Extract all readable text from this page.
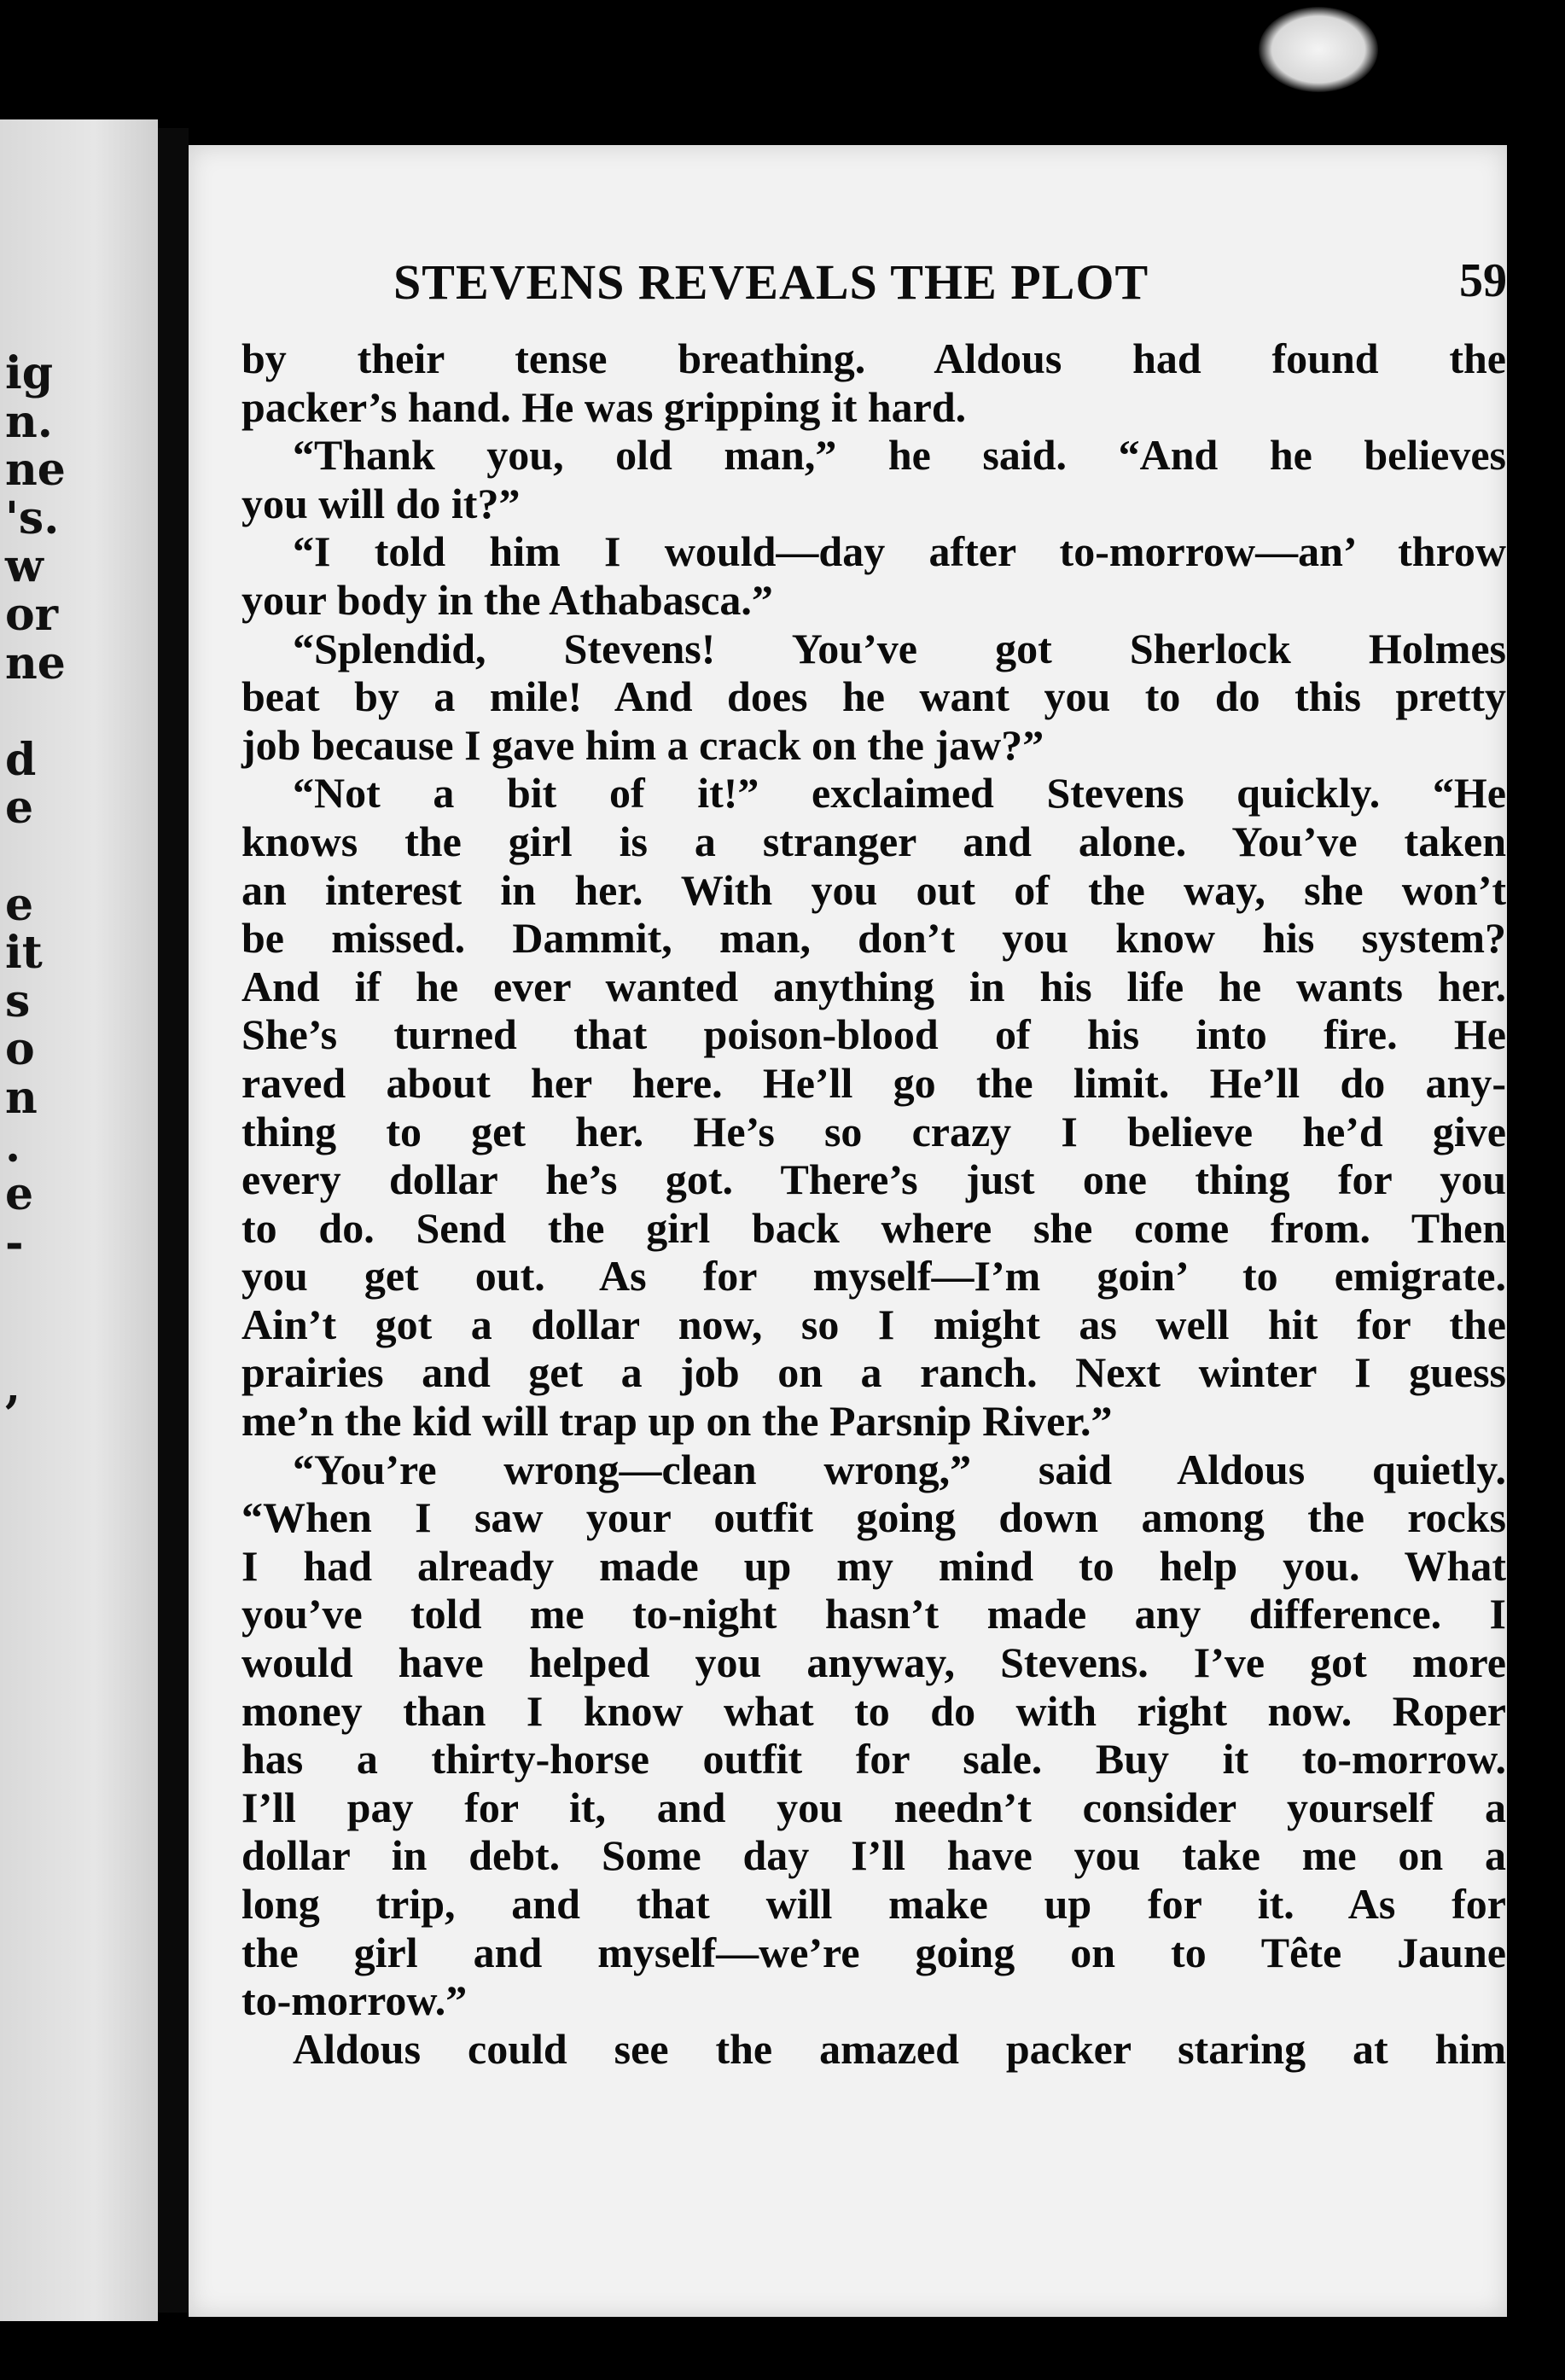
ig
n.
ne
's.
w
or
ne
d
e
e
it
s
o
n
.
e
-
,
STEVENS REVEALS THE PLOT	59
by their tense breathing. Aldous had found the
packer’s hand. He was gripping it hard.
“Thank you, old man,” he said. “And he believes
you will do it?”
“I told him I would—day after to-morrow—an’ throw
your body in the Athabasca.”
“Splendid, Stevens! You’ve got Sherlock Holmes
beat by a mile! And does he want you to do this pretty
job because I gave him a crack on the jaw?”
“Not a bit of it!” exclaimed Stevens quickly. “He
knows the girl is a stranger and alone. You’ve taken
an interest in her. With you out of the way, she won’t
be missed. Dammit, man, don’t you know his system?
And if he ever wanted anything in his life he wants her.
She’s turned that poison-blood of his into fire. He
raved about her here. He’ll go the limit. He’ll do any-
thing to get her. He’s so crazy I believe he’d give
every dollar he’s got. There’s just one thing for you
to do. Send the girl back where she come from. Then
you get out. As for myself—I’m goin’ to emigrate.
Ain’t got a dollar now, so I might as well hit for the
prairies and get a job on a ranch. Next winter I guess
me’n the kid will trap up on the Parsnip River.”
“You’re wrong—clean wrong,” said Aldous quietly.
“When I saw your outfit going down among the rocks
I had already made up my mind to help you. What
you’ve told me to-night hasn’t made any difference. I
would have helped you anyway, Stevens. I’ve got more
money than I know what to do with right now. Roper
has a thirty-horse outfit for sale. Buy it to-morrow.
I’ll pay for it, and you needn’t consider yourself a
dollar in debt. Some day I’ll have you take me on a
long trip, and that will make up for it. As for
the girl and myself—we’re going on to Tête Jaune
to-morrow.”
Aldous could see the amazed packer staring at him
